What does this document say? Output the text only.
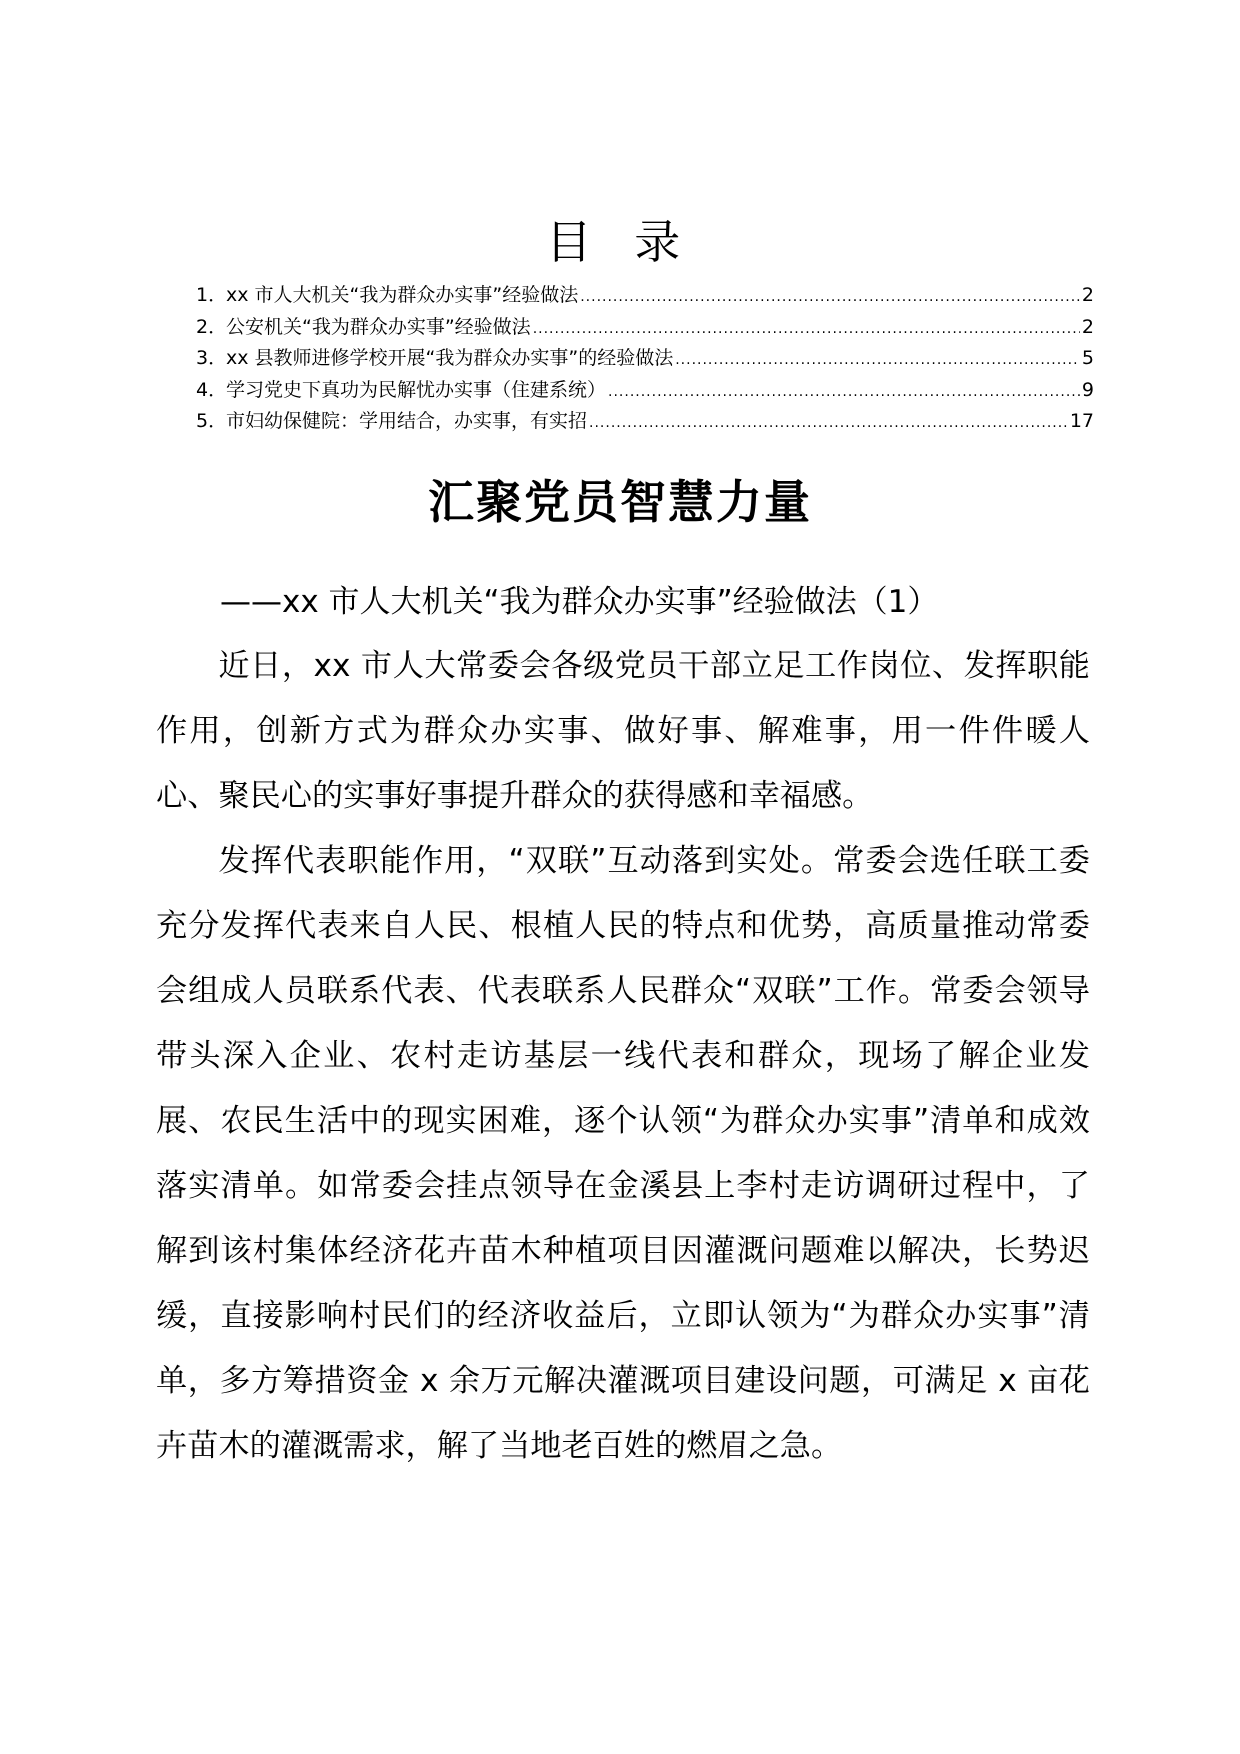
目 录
1．
xx 市人大机关“我为群众办实事”经验做法 .....	2
2．
公安机关“我为群众办实事”经验做法 .....	2
3．
xx 县教师进修学校开展“我为群众办实事”的经验做法 .....	5
4．
学习党史下真功为民解忧办实事（住建系统） .....	9
5．
市妇幼保健院：学用结合，办实事，有实招 .....	17
汇聚党员智慧力量
——xx 市人大机关“我为群众办实事”经验做法（1）

近日，xx 市人大常委会各级党员干部立足工作岗位、发挥职能作用，创新方式为群众办实事、做好事、解难事，用一件件暖人心、聚民心的实事好事提升群众的获得感和幸福感。

发挥代表职能作用，“双联”互动落到实处。常委会选任联工委充分发挥代表来自人民、根植人民的特点和优势，高质量推动常委会组成人员联系代表、代表联系人民群众“双联”工作。常委会领导带头深入企业、农村走访基层一线代表和群众，现场了解企业发展、农民生活中的现实困难，逐个认领“为群众办实事”清单和成效落实清单。如常委会挂点领导在金溪县上李村走访调研过程中，了解到该村集体经济花卉苗木种植项目因灌溉问题难以解决，长势迟缓，直接影响村民们的经济收益后，立即认领为“为群众办实事”清单，多方筹措资金 x 余万元解决灌溉项目建设问题，可满足 x 亩花卉苗木的灌溉需求，解了当地老百姓的燃眉之急。
